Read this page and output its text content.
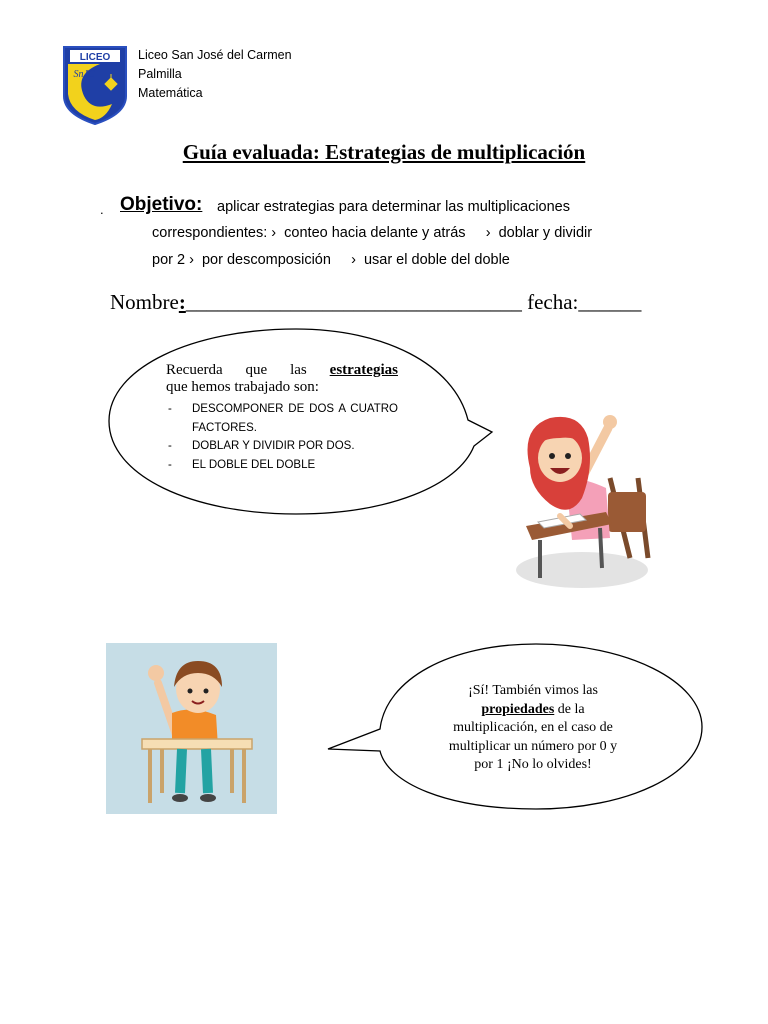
LICEO
SnJC
PALMILLA
Liceo San José del Carmen
Palmilla
Matemática
Guía evaluada: Estrategias de multiplicación
. Objetivo: aplicar estrategias para determinar las multiplicaciones
correspondientes: ›  conteo hacia delante y atrás     ›  doblar y dividir
por 2 ›  por descomposición     ›  usar el doble del doble
Nombre:________________________________ fecha:______
Recuerda que las estrategias
que hemos trabajado son:
-	DESCOMPONER DE DOS A CUATRO FACTORES.
-	DOBLAR Y DIVIDIR POR DOS.
-	EL DOBLE DEL DOBLE
¡Sí! También vimos las
propiedades de la
multiplicación, en el caso de
multiplicar un número por 0 y
por 1 ¡No lo olvides!
